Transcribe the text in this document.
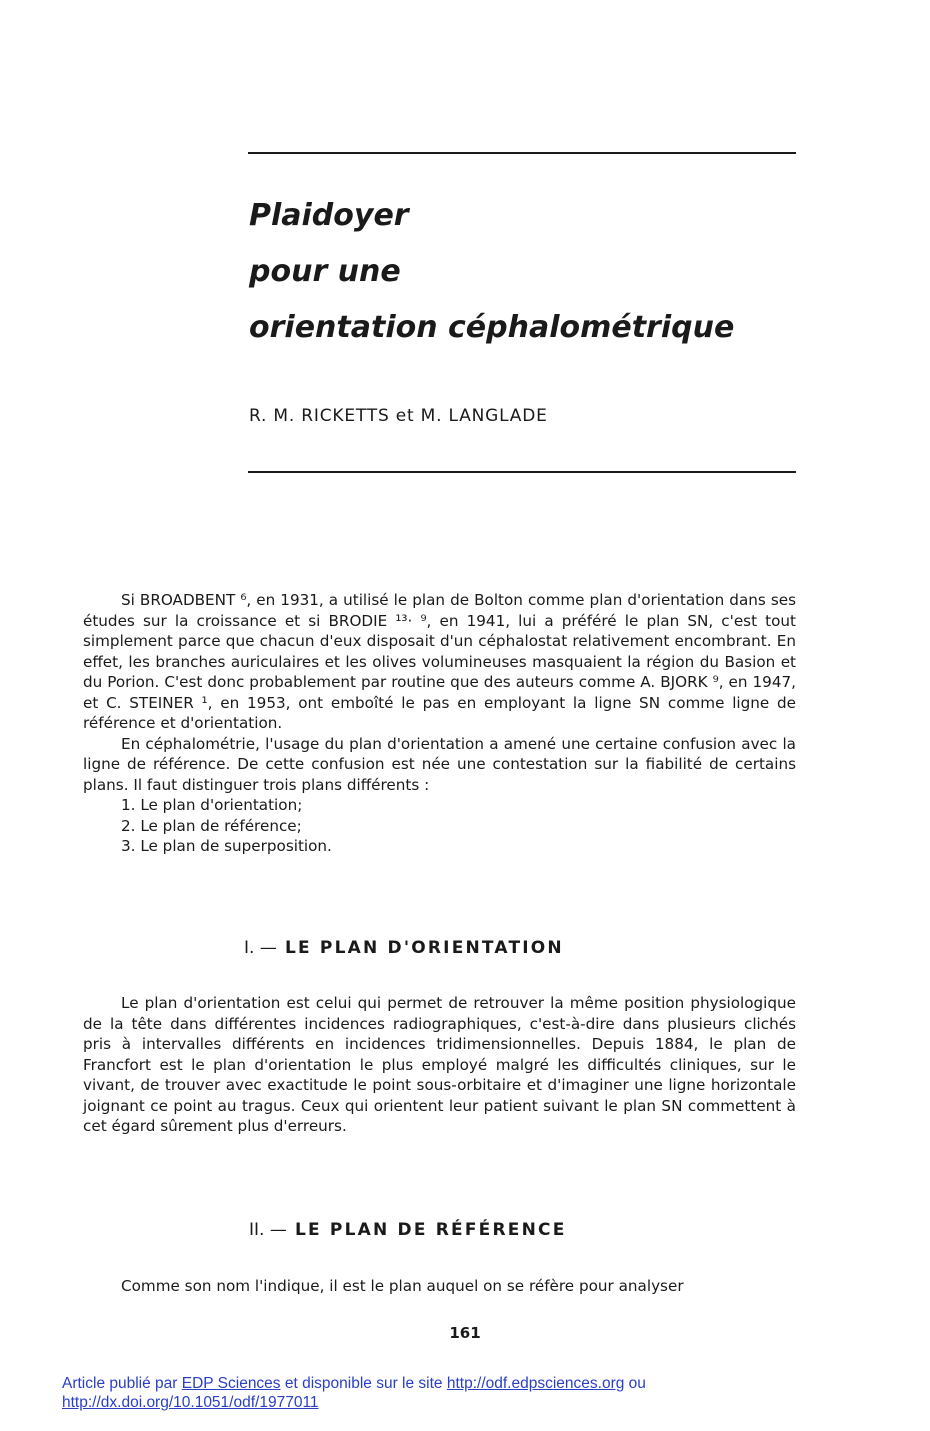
Plaidoyer
pour une
orientation céphalométrique
R. M. RICKETTS et M. LANGLADE

Si BROADBENT ⁶, en 1931, a utilisé le plan de Bolton comme plan d'orientation dans ses études sur la croissance et si BRODIE ¹³· ⁹, en 1941, lui a préféré le plan SN, c'est tout simplement parce que chacun d'eux disposait d'un céphalostat relativement encombrant. En effet, les branches auriculaires et les olives volumineuses masquaient la région du Basion et du Porion. C'est donc probablement par routine que des auteurs comme A. BJORK ⁹, en 1947, et C. STEINER ¹, en 1953, ont emboîté le pas en employant la ligne SN comme ligne de référence et d'orientation.

En céphalométrie, l'usage du plan d'orientation a amené une certaine confusion avec la ligne de référence. De cette confusion est née une contestation sur la fiabilité de certains plans. Il faut distinguer trois plans différents :

1. Le plan d'orientation;
2. Le plan de référence;
3. Le plan de superposition.
I. — LE PLAN D'ORIENTATION

Le plan d'orientation est celui qui permet de retrouver la même position physiologique de la tête dans différentes incidences radiographiques, c'est-à-dire dans plusieurs clichés pris à intervalles différents en incidences tridimensionnelles. Depuis 1884, le plan de Francfort est le plan d'orientation le plus employé malgré les difficultés cliniques, sur le vivant, de trouver avec exactitude le point sous-orbitaire et d'imaginer une ligne horizontale joignant ce point au tragus. Ceux qui orientent leur patient suivant le plan SN commettent à cet égard sûrement plus d'erreurs.

II. — LE PLAN DE RÉFÉRENCE

Comme son nom l'indique, il est le plan auquel on se réfère pour analyser

161
Article publié par EDP Sciences et disponible sur le site http://odf.edpsciences.org ou
http://dx.doi.org/10.1051/odf/1977011
